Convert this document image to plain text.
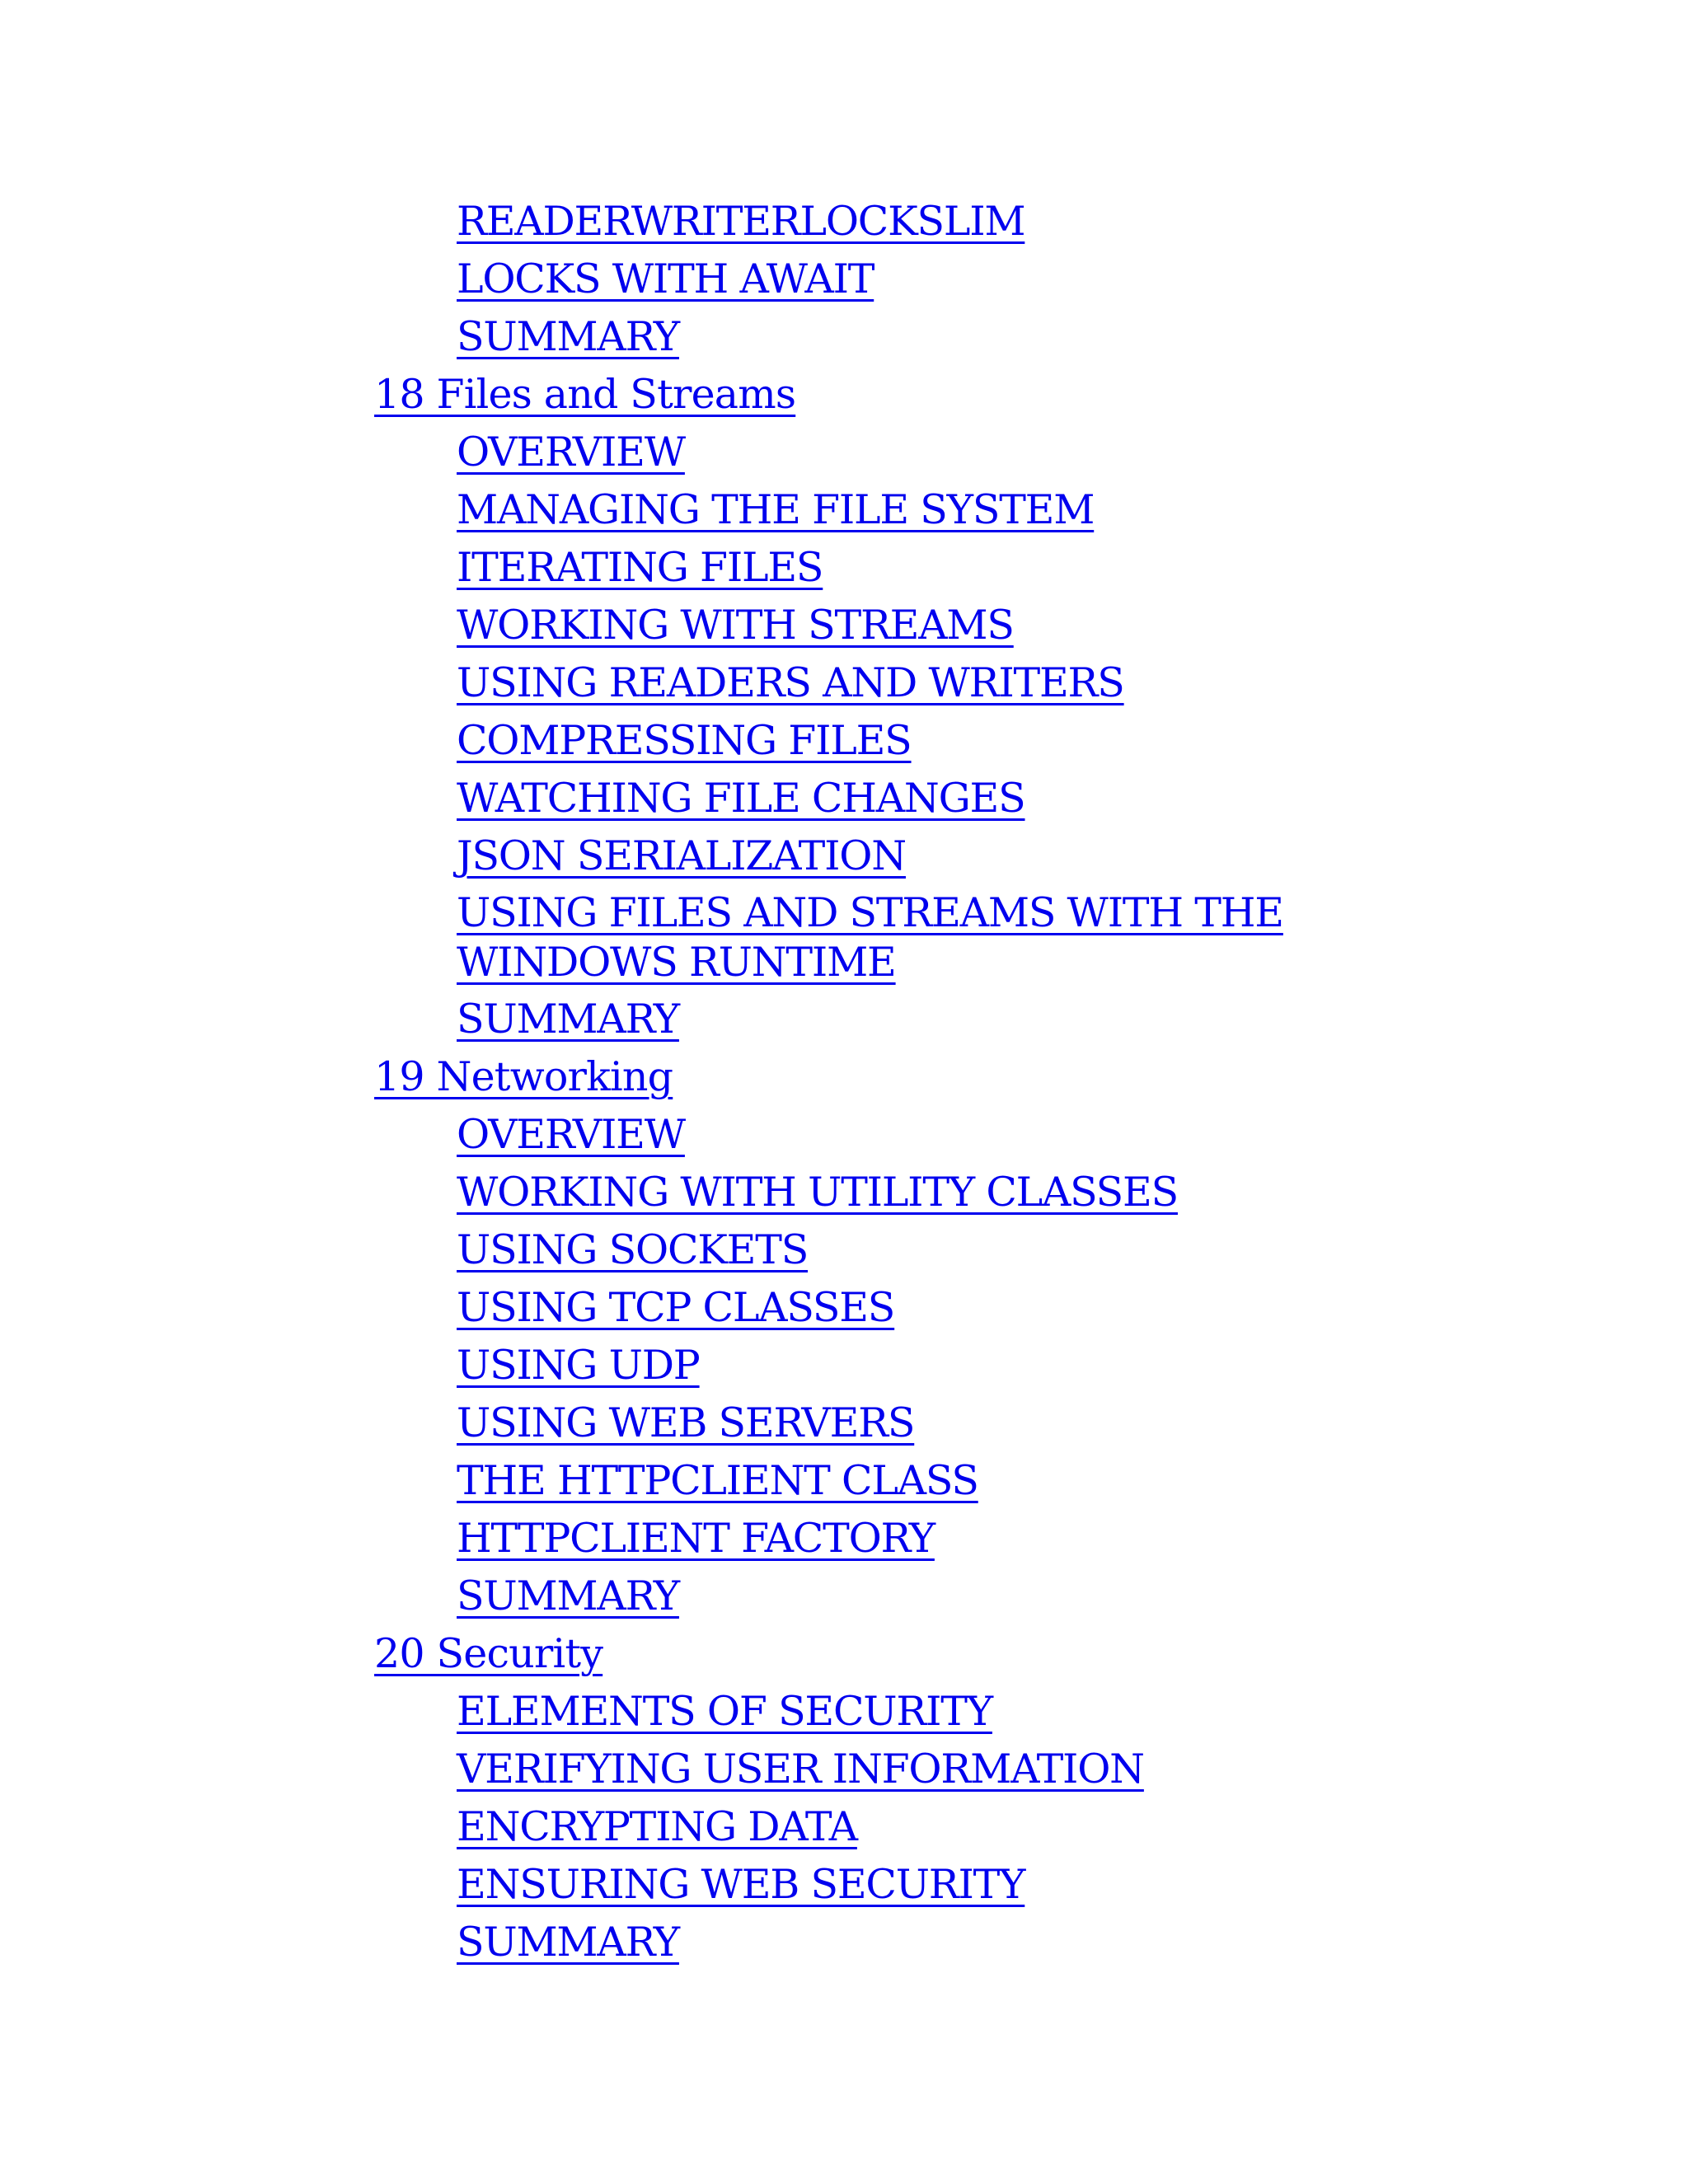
READERWRITERLOCKSLIM
LOCKS WITH AWAIT
SUMMARY
18 Files and Streams
OVERVIEW
MANAGING THE FILE SYSTEM
ITERATING FILES
WORKING WITH STREAMS
USING READERS AND WRITERS
COMPRESSING FILES
WATCHING FILE CHANGES
JSON SERIALIZATION
USING FILES AND STREAMS WITH THE WINDOWS RUNTIME
SUMMARY
19 Networking
OVERVIEW
WORKING WITH UTILITY CLASSES
USING SOCKETS
USING TCP CLASSES
USING UDP
USING WEB SERVERS
THE HTTPCLIENT CLASS
HTTPCLIENT FACTORY
SUMMARY
20 Security
ELEMENTS OF SECURITY
VERIFYING USER INFORMATION
ENCRYPTING DATA
ENSURING WEB SECURITY
SUMMARY
